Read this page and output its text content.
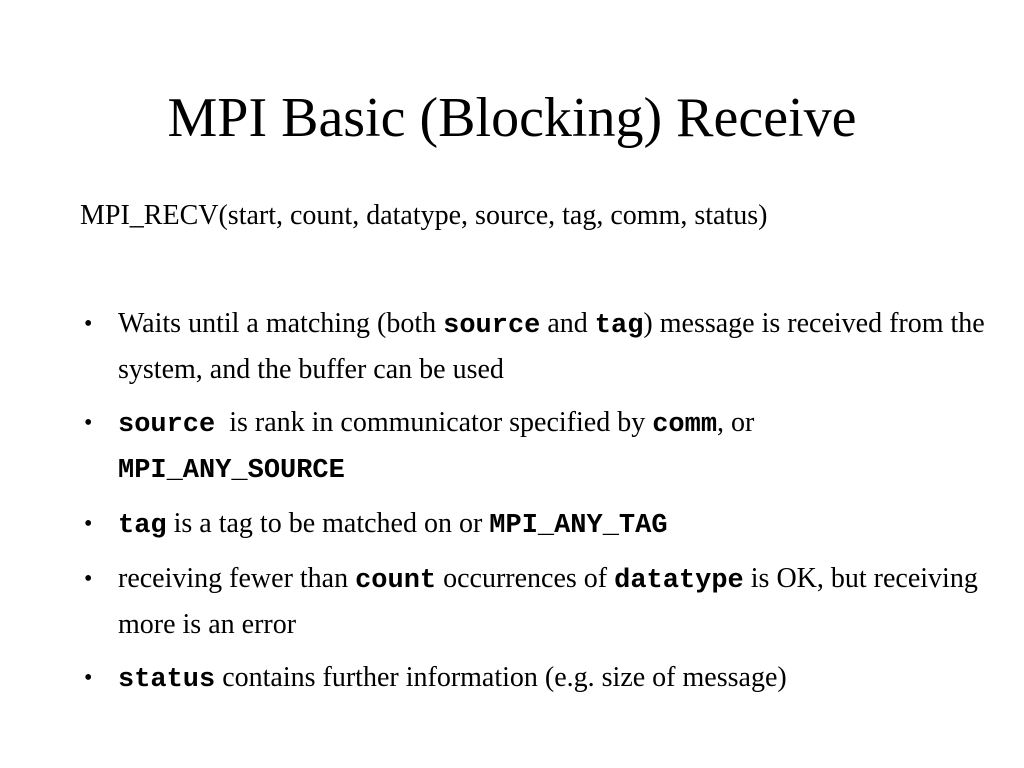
MPI Basic (Blocking) Receive
MPI_RECV(start, count, datatype, source, tag, comm, status)
• Waits until a matching (both source and tag) message is received from the system, and the buffer can be used
• source  is rank in communicator specified by comm, or
MPI_ANY_SOURCE
• tag is a tag to be matched on or MPI_ANY_TAG
• receiving fewer than count occurrences of datatype is OK, but receiving more is an error
• status contains further information (e.g. size of message)
